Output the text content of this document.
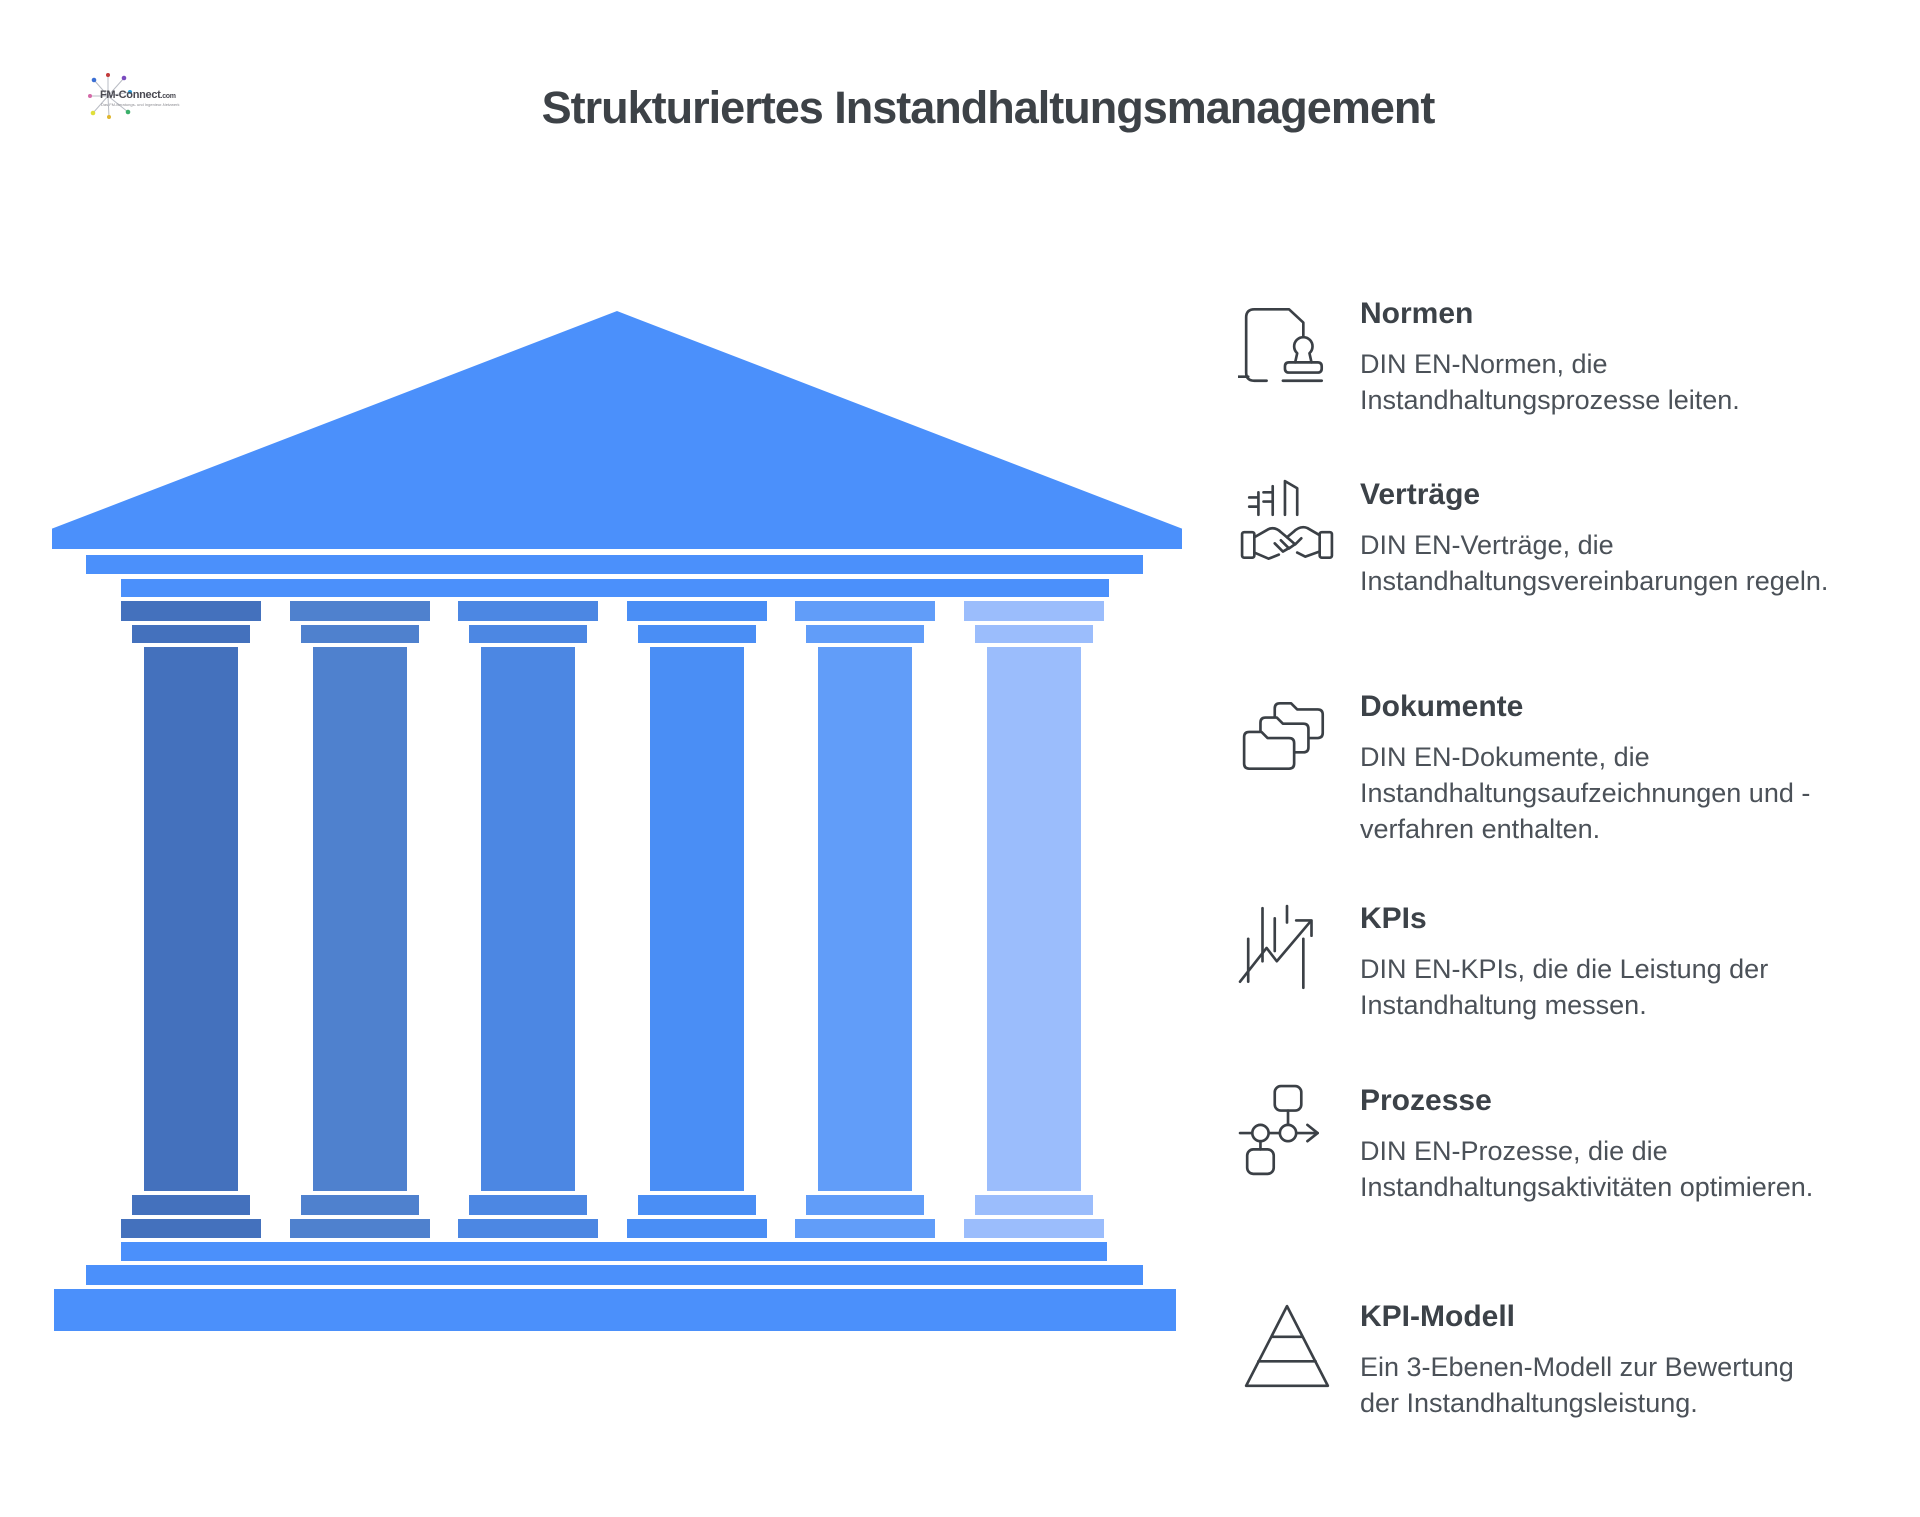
FM-Connect.com
Das FM-Beratungs- und Ingenieur-Netzwerk	Strukturiertes Instandhaltungsmanagement
Normen

DIN EN-Normen, die Instandhaltungsprozesse leiten.

Verträge

DIN EN-Verträge, die Instandhaltungsvereinbarungen regeln.

Dokumente

DIN EN-Dokumente, die Instandhaltungsaufzeichnungen und -verfahren enthalten.

KPIs

DIN EN-KPIs, die die Leistung der Instandhaltung messen.

Prozesse

DIN EN-Prozesse, die die Instandhaltungsaktivitäten optimieren.

KPI-Modell

Ein 3-Ebenen-Modell zur Bewertung der Instandhaltungsleistung.
